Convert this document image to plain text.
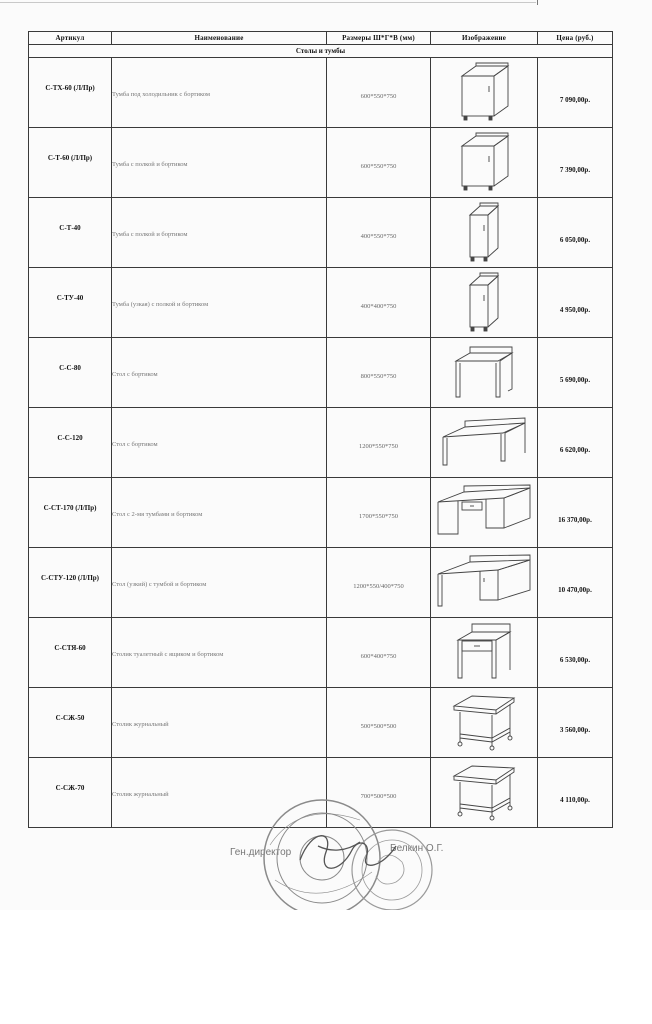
Артикул	Наименование	Размеры Ш*Г*В (мм)	Изображение	Цена (руб.)
Столы и тумбы				
С-ТХ-60 (Л/Пр)	Тумба под холодильник с бортиком	600*550*750		7 090,00р.

С-Т-60 (Л/Пр)	Тумба с полкой и бортиком	600*550*750		7 390,00р.

С-Т-40	Тумба с полкой и бортиком	400*550*750		6 050,00р.

С-ТУ-40	Тумба (узкая) с полкой и бортиком	400*400*750		4 950,00р.

С-С-80	Стол с бортиком	800*550*750		5 690,00р.

С-С-120	Стол с бортиком	1200*550*750		6 620,00р.

С-СТ-170 (Л/Пр)	Стол с 2-мя тумбами и бортиком	1700*550*750		16 370,00р.

С-СТУ-120 (Л/Пр)	Стол (узкий) с тумбой и бортиком	1200*550/400*750		10 470,00р.

С-СТЯ-60	Столик туалетный с ящиком и бортиком	600*400*750		6 530,00р.

С-СЖ-50	Столик журнальный	500*500*500		3 560,00р.

С-СЖ-70	Столик журнальный	700*500*500		4 110,00р.
Ген.директор	Белкин О.Г.
